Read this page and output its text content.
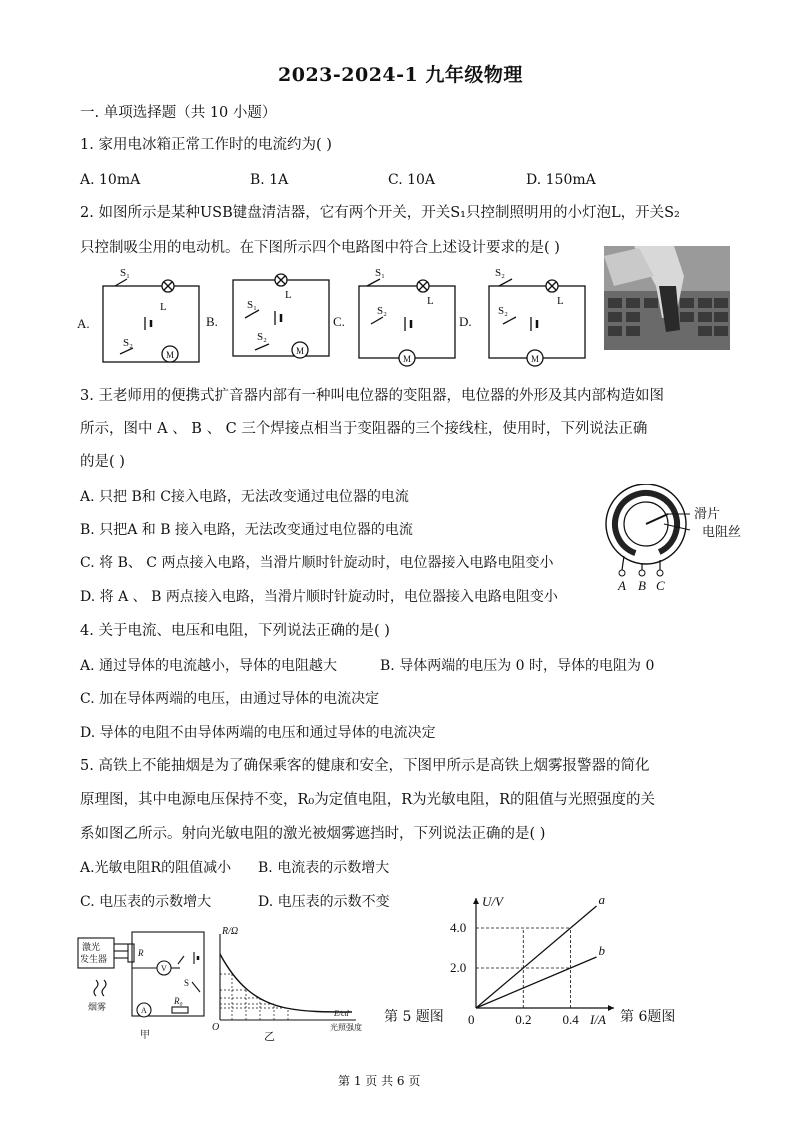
2023-2024-1 九年级物理
一. 单项选择题（共 10 小题）
1. 家用电冰箱正常工作时的电流约为( )
A. 10mA	B. 1A	C. 10A	D. 150mA
2. 如图所示是某种USB键盘清洁器，它有两个开关，开关S₁只控制照明用的小灯泡L，开关S₂
只控制吸尘用的电动机。在下图所示四个电路图中符合上述设计要求的是( )
A.	B.	C.	D.
S₁
L
S₂
M
S₁
L
S₂
M
S₁
L
S₂
M
S₂
L
S₂
M
3. 王老师用的便携式扩音器内部有一种叫电位器的变阻器，电位器的外形及其内部构造如图
所示，图中 A 、 B 、 C 三个焊接点相当于变阻器的三个接线柱，使用时，下列说法正确
的是( )
A. 只把 B和 C接入电路，无法改变通过电位器的电流
B. 只把A 和 B 接入电路，无法改变通过电位器的电流
C. 将 B、 C 两点接入电路，当滑片顺时针旋动时，电位器接入电路电阻变小
D. 将 A 、 B 两点接入电路，当滑片顺时针旋动时，电位器接入电路电阻变小
滑片
电阻丝
A B C
4. 关于电流、电压和电阻，下列说法正确的是( )
A. 通过导体的电流越小，导体的电阻越大	B. 导体两端的电压为 0 时，导体的电阻为 0
C. 加在导体两端的电压，由通过导体的电流决定
D. 导体的电阻不由导体两端的电压和通过导体的电流决定
5. 高铁上不能抽烟是为了确保乘客的健康和安全，下图甲所示是高铁上烟雾报警器的简化
原理图，其中电源电压保持不变，R₀为定值电阻，R为光敏电阻，R的阻值与光照强度的关
系如图乙所示。射向光敏电阻的激光被烟雾遮挡时，下列说法正确的是( )
A.光敏电阻R的阻值减小 B. 电流表的示数增大
C. 电压表的示数增大	D. 电压表的示数不变
激光
发生器
烟雾
R
V
S
A
R₀
甲
R/Ω
E/cd
光照强度
O
乙
第 5 题图
a
b
0	0.2 0.4
2.0
4.0
U/V
I/A 第 6题图
第 1 页 共 6 页
